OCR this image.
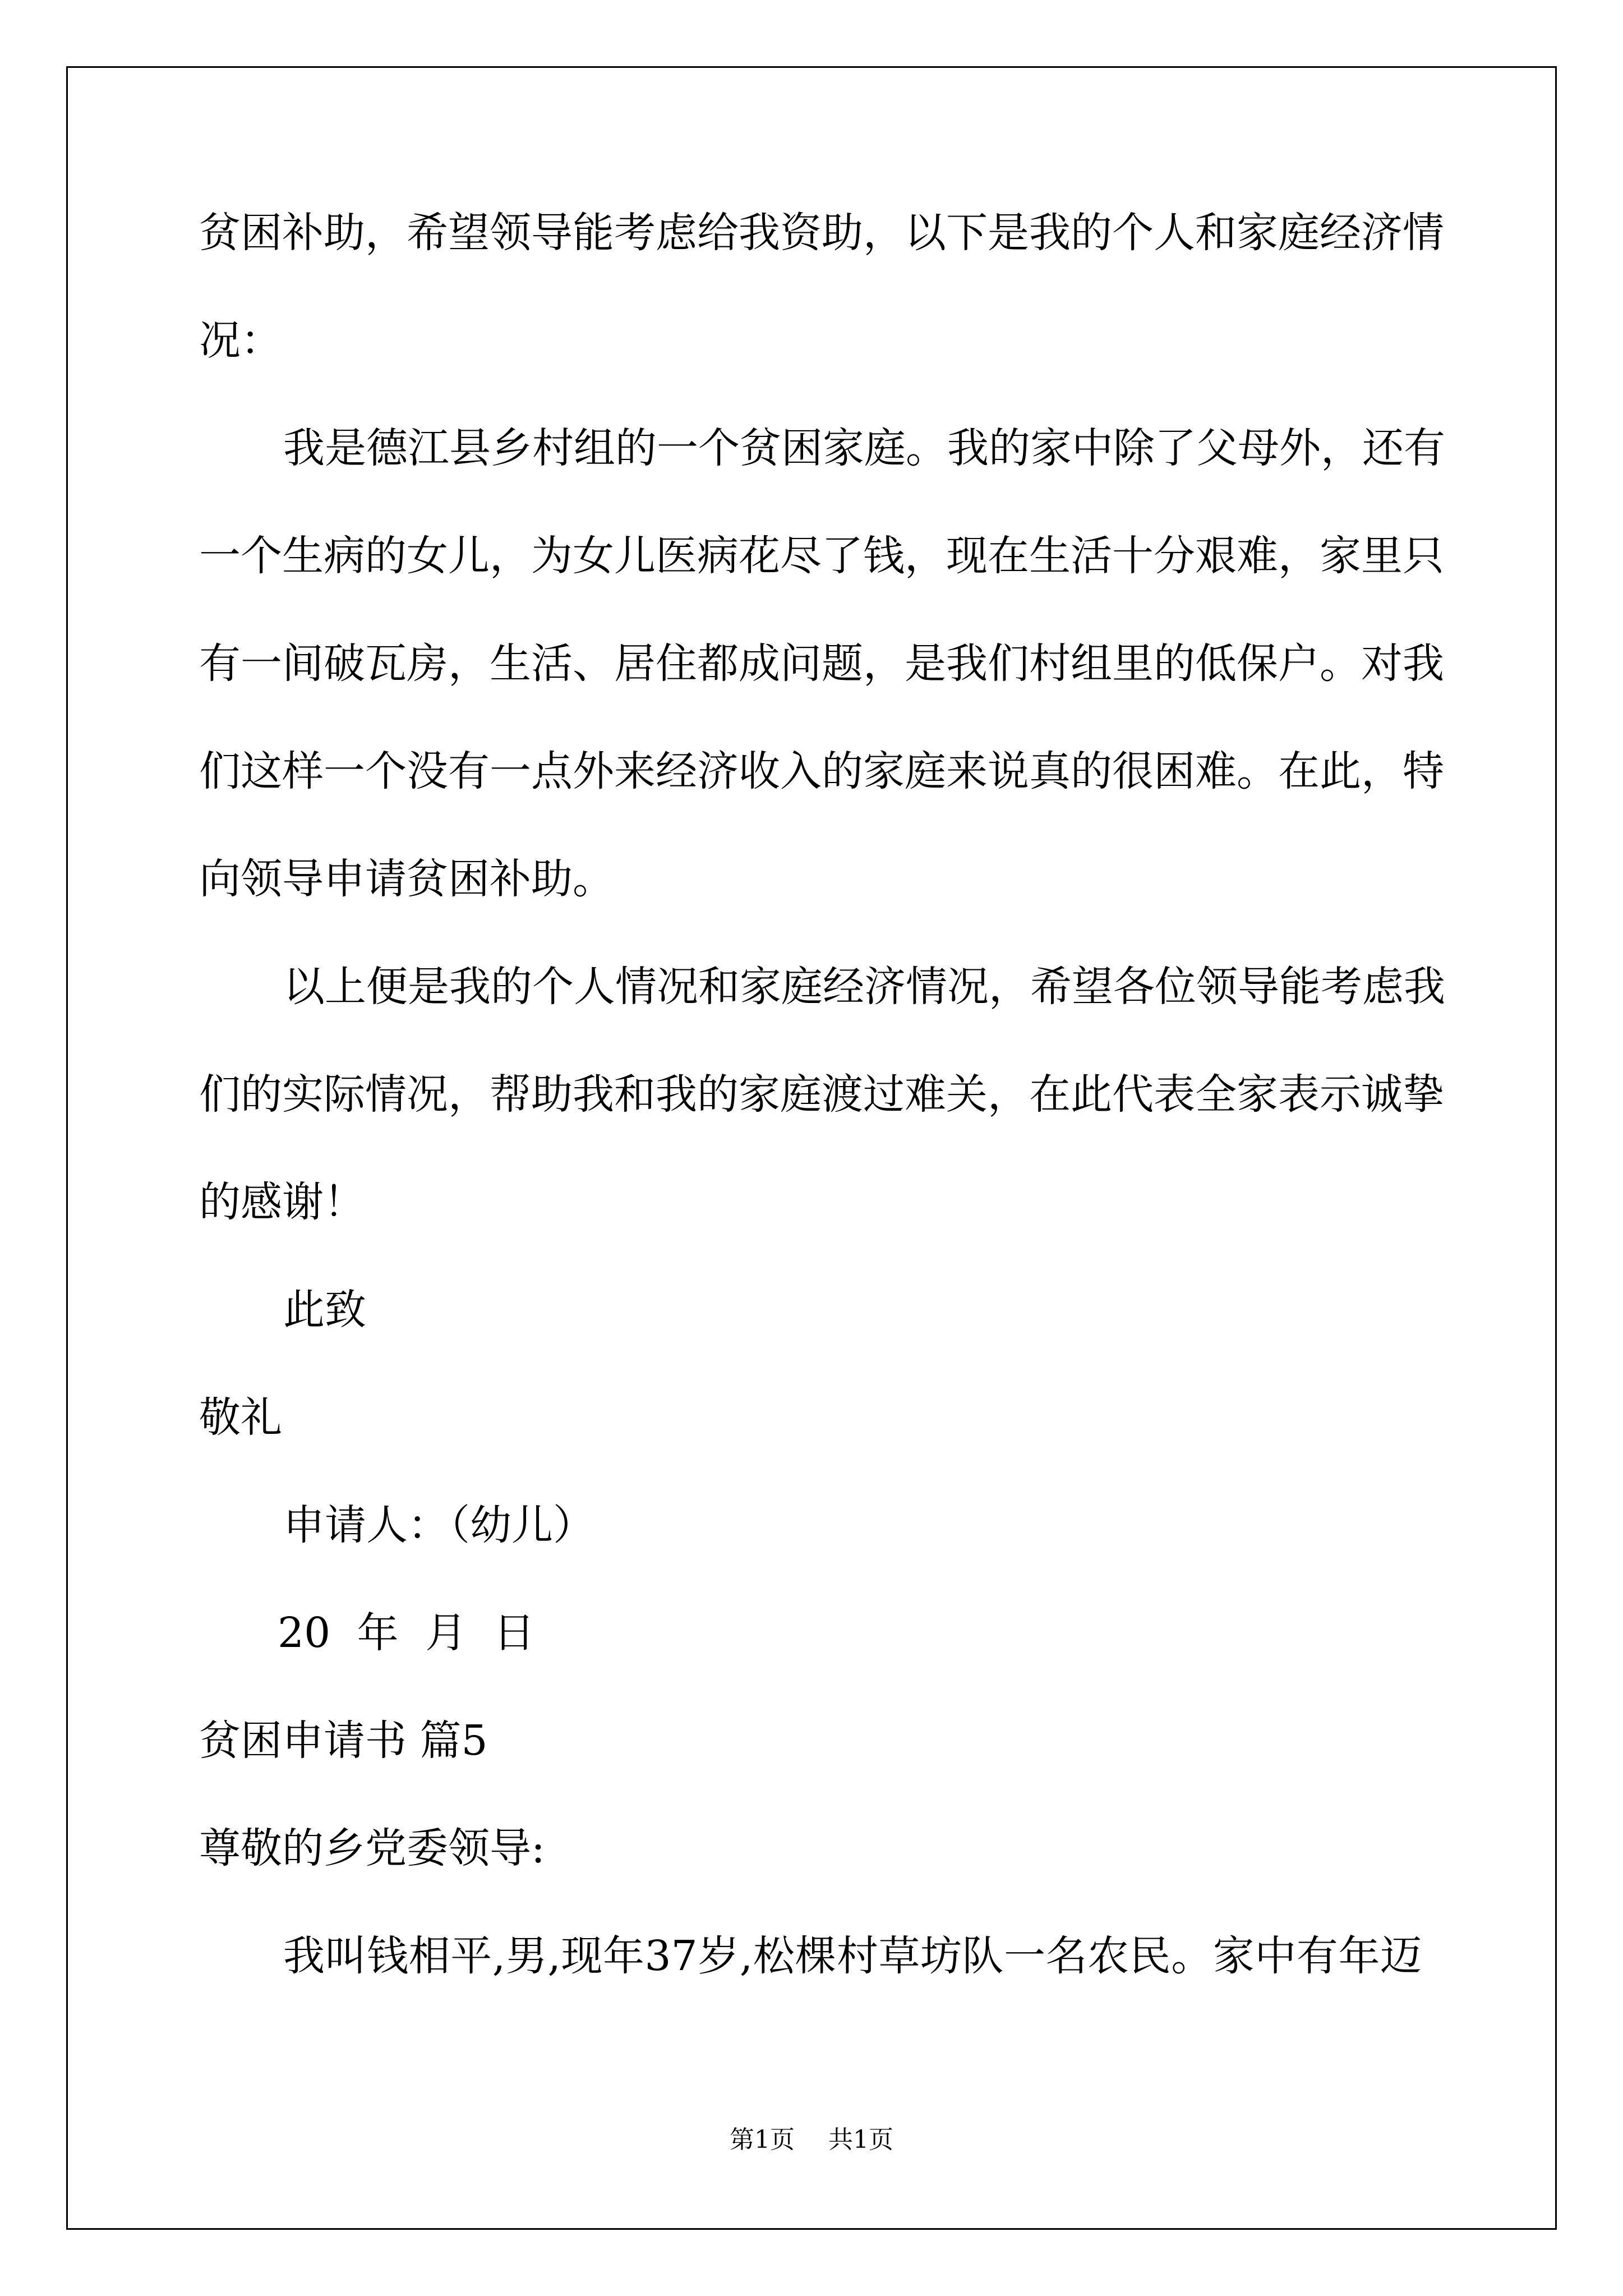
贫困补助，希望领导能考虑给我资助，以下是我的个人和家庭经济情
况：
我是德江县乡村组的一个贫困家庭。我的家中除了父母外，还有
一个生病的女儿，为女儿医病花尽了钱，现在生活十分艰难，家里只
有一间破瓦房，生活、居住都成问题，是我们村组里的低保户。对我
们这样一个没有一点外来经济收入的家庭来说真的很困难。在此，特
向领导申请贫困补助。
以上便是我的个人情况和家庭经济情况，希望各位领导能考虑我
们的实际情况，帮助我和我的家庭渡过难关，在此代表全家表示诚挚
的感谢！
此致
敬礼
申请人：（幼儿）
20 年 月 日
贫困申请书 篇5
尊敬的乡党委领导:
我叫钱相平,男,现年37岁,松棵村草坊队一名农民。家中有年迈
第1页 共1页
